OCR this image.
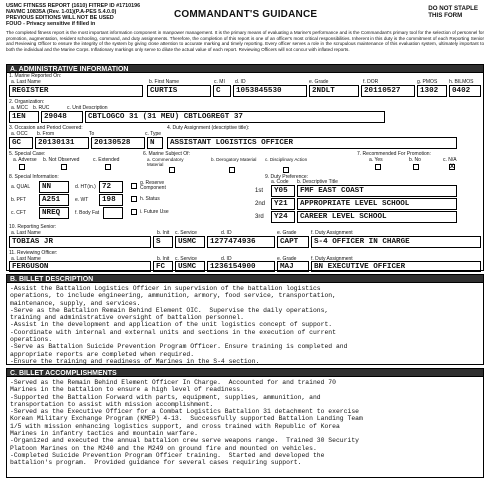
USMC FITNESS REPORT (1610) FITREP ID #1710196
NAVMC 10835A (Rev. 1-01)(P.A-PES 5.4.0.0)
PREVIOUS EDITIONS WILL NOT BE USED
FOUO - Privacy sensitive if filled in
COMMANDANT'S GUIDANCE
DO NOT STAPLE
THIS FORM
The completed fitness report is the most important information component in manpower management. It is the primary means of evaluating a Marine's performance and is the Commandant's primary tool for the selection of personnel for promotion, augmentation, resident schooling, command, and duty assignments. Therefore, the completion of this report is one of an officer's most critical responsibilities. Inherent in this duty is the commitment of each Reporting Senior and Reviewing Officer to ensure the integrity of the system by giving close attention to accurate marking and timely reporting. Every officer serves a role in the scrupulous maintenance of this evaluation system, ultimately important to both the individual and the Marine Corps. Inflationary markings only serve to dilute the actual value of each report. Reviewing Officers will not concur with inflated reports.
A. ADMINISTRATIVE INFORMATION
1. Marine Reported On:
a. Last Name	b. First Name	c. MI d. ID	e. Grade	f. DOR	g. PMOS h. BILMOS
REGISTER	CURTIS	C	1053845530	2NDLT	20110527	1302	0402
2. Organization:
a. MCC b. RUC	c. Unit Description
1EN	29048	CBTLOGCO 31 (31 MEU) CBTLOGREGT 37
3. Occasion and Period Covered:	4. Duty Assignment (descriptive title):
a. OCC b. From	To	c. Type
GC	20130131	20130528	N	ASSISTANT LOGISTICS OFFICER
5. Special Case:
a. Adverse b. Not Observed	c. Extended
6. Marine Subject Of:
a. Commendatory Material
b. Derogatory Material c. Disciplinary Action
7. Recommended For Promotion:
a. Yes	b. No	c. N/A
X
8. Special Information:
a. QUAL	NN	d. HT(in.) 72
b. PFT	A251	e. WT	198
c. CFT	NREQ	f. Body Fat
g. Reserve Component
h. Status
i. Future Use
9. Duty Preference:
a. Code b. Descriptive Title
1st	Y05	FMF EAST COAST
2nd	Y21	APPROPRIATE LEVEL SCHOOL
3rd	Y24	CAREER LEVEL SCHOOL
10. Reporting Senior:
a. Last Name	b. Init c. Service	d. ID	e. Grade	f. Duty Assignment
TOBIAS JR	S	USMC	1277474936	CAPT	S-4 OFFICER IN CHARGE
11. Reviewing Officer:
a. Last Name	b. Init c. Service	d. ID	e. Grade	f. Duty Assignment
FERGUSON	FC	USMC	1236154900	MAJ	BN EXECUTIVE OFFICER
B. BILLET DESCRIPTION
-Assist the Battalion Logistics Officer in supervision of the battalion logistics
operations, to include engineering, ammunition, armory, food service, transportation,
maintenance, supply, and services.
-Serve as the Battalion Remain Behind Element OIC.  Supervise the daily operations,
training and administrative oversight of battalion personnel.
-Assist in the development and application of the unit logistics concept of support.
-Coordinate with internal and external units and sections in the execution of current
operations.
-Serve as Battalion Suicide Prevention Program Officer. Ensure training is completed and
appropriate reports are completed when required.
-Ensure the training and readiness of Marines in the S-4 section.
C. BILLET ACCOMPLISHMENTS
-Served as the Remain Behind Element Officer In Charge.  Accounted for and trained 70
Marines in the battalion to ensure a high level of readiness.
-Supported the Battalion Forward with parts, equipment, supplies, ammunition, and
transportation to assist with mission accomplishment.
-Served as the Executive Officer for a Combat Logistics Battalion 31 detachment to exercise
Korean Military Exchange Program (KMEP) 4-13.  Successfully supported Battalion Landing Team
1/5 with mission enhancing logistics support, and cross trained with Republic of Korea
Marines in infantry tactics and mountain warfare.
-Organized and executed the annual battalion crew serve weapons range.  Trained 30 Security
Platoon Marines on the M240 and the M249 on ground fire and mounted on vehicles.
-Completed Suicide Prevention Program Officer training.  Started and developed the
battalion's program.  Provided guidance for several cases requiring support.
